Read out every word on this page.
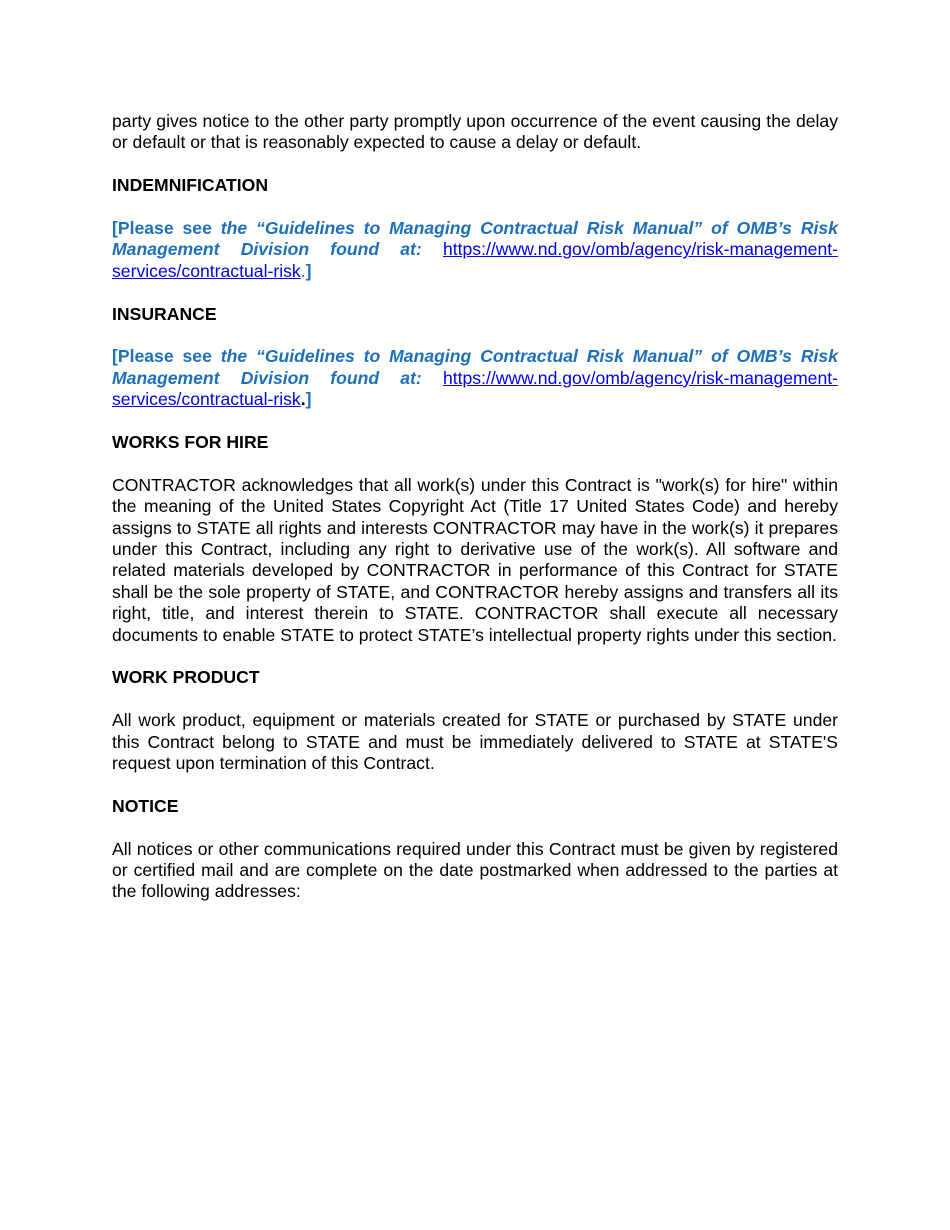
party gives notice to the other party promptly upon occurrence of the event causing the delay or default or that is reasonably expected to cause a delay or default.

INDEMNIFICATION

[Please see the “Guidelines to Managing Contractual Risk Manual” of OMB’s Risk Management Division found at: https://www.nd.gov/omb/agency/risk-management-services/contractual-risk.]

INSURANCE

[Please see the “Guidelines to Managing Contractual Risk Manual” of OMB’s Risk Management Division found at: https://www.nd.gov/omb/agency/risk-management-services/contractual-risk.]

WORKS FOR HIRE

CONTRACTOR acknowledges that all work(s) under this Contract is "work(s) for hire" within the meaning of the United States Copyright Act (Title 17 United States Code) and hereby assigns to STATE all rights and interests CONTRACTOR may have in the work(s) it prepares under this Contract, including any right to derivative use of the work(s). All software and related materials developed by CONTRACTOR in performance of this Contract for STATE shall be the sole property of STATE, and CONTRACTOR hereby assigns and transfers all its right, title, and interest therein to STATE. CONTRACTOR shall execute all necessary documents to enable STATE to protect STATE’s intellectual property rights under this section.

WORK PRODUCT

All work product, equipment or materials created for STATE or purchased by STATE under this Contract belong to STATE and must be immediately delivered to STATE at STATE'S request upon termination of this Contract.

NOTICE

All notices or other communications required under this Contract must be given by registered or certified mail and are complete on the date postmarked when addressed to the parties at the following addresses:
